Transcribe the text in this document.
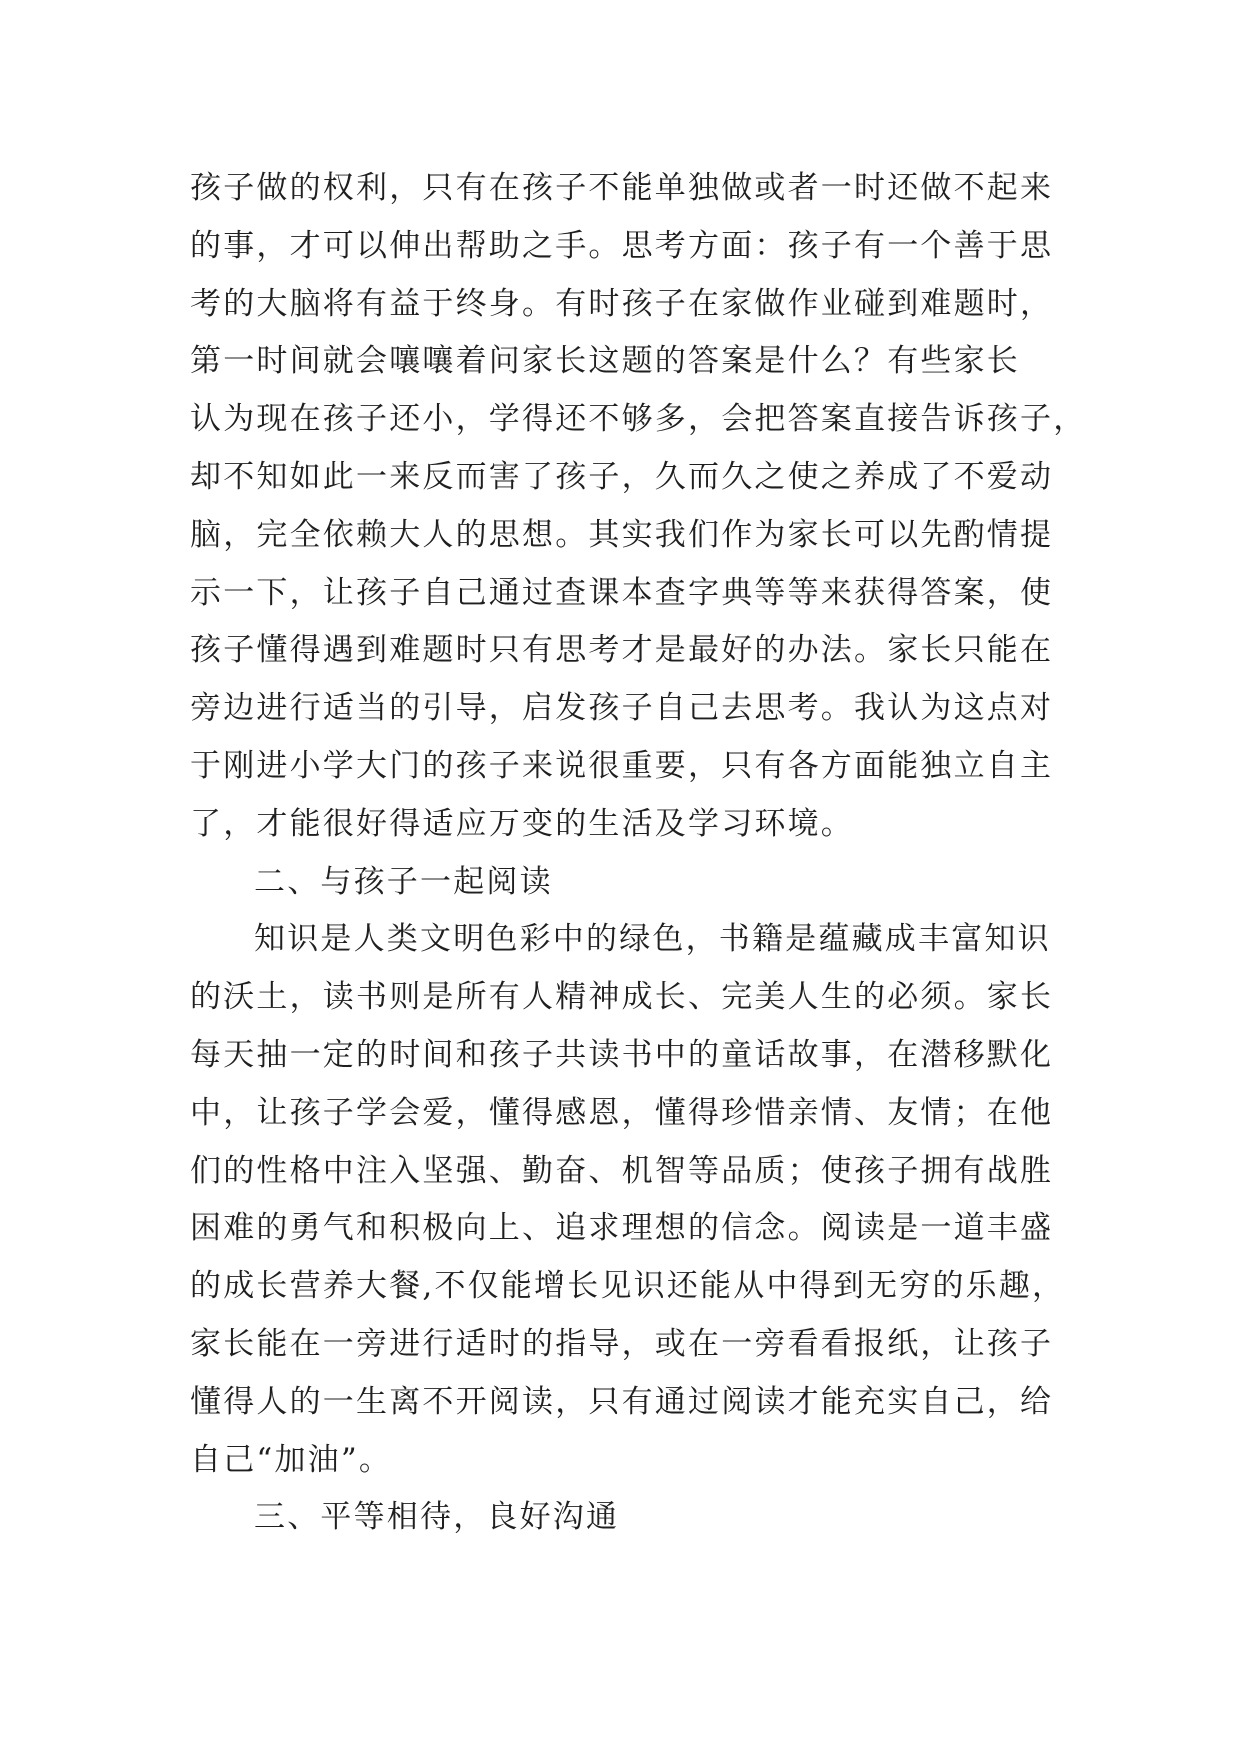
孩子做的权利，只有在孩子不能单独做或者一时还做不起来
的事，才可以伸出帮助之手。思考方面：孩子有一个善于思
考的大脑将有益于终身。有时孩子在家做作业碰到难题时，
第一时间就会嚷嚷着问家长这题的答案是什么？有些家长
认为现在孩子还小，学得还不够多，会把答案直接告诉孩子，
却不知如此一来反而害了孩子，久而久之使之养成了不爱动
脑，完全依赖大人的思想。其实我们作为家长可以先酌情提
示一下，让孩子自己通过查课本查字典等等来获得答案，使
孩子懂得遇到难题时只有思考才是最好的办法。家长只能在
旁边进行适当的引导，启发孩子自己去思考。我认为这点对
于刚进小学大门的孩子来说很重要，只有各方面能独立自主
了，才能很好得适应万变的生活及学习环境。
二、与孩子一起阅读
知识是人类文明色彩中的绿色，书籍是蕴藏成丰富知识
的沃土，读书则是所有人精神成长、完美人生的必须。家长
每天抽一定的时间和孩子共读书中的童话故事，在潜移默化
中，让孩子学会爱，懂得感恩，懂得珍惜亲情、友情；在他
们的性格中注入坚强、勤奋、机智等品质；使孩子拥有战胜
困难的勇气和积极向上、追求理想的信念。阅读是一道丰盛
的成长营养大餐,不仅能增长见识还能从中得到无穷的乐趣，
家长能在一旁进行适时的指导，或在一旁看看报纸，让孩子
懂得人的一生离不开阅读，只有通过阅读才能充实自己，给
自己“加油”。
三、平等相待，良好沟通
